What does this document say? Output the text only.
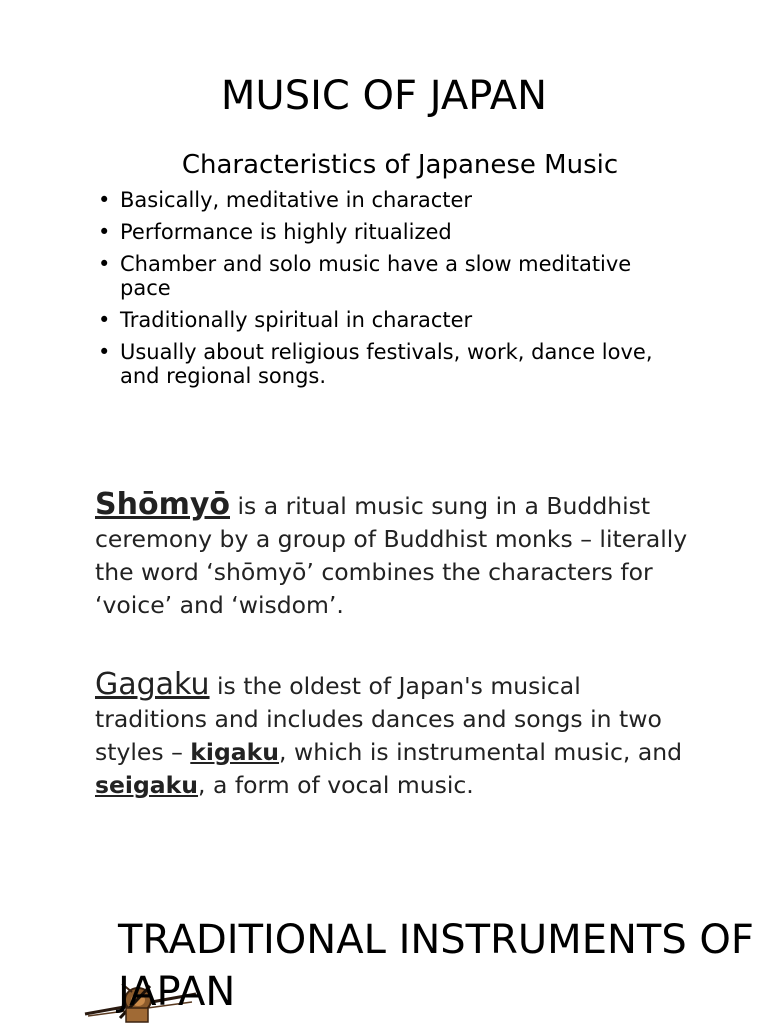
MUSIC OF JAPAN
Characteristics of Japanese Music
• Basically, meditative in character
• Performance is highly ritualized
• Chamber and solo music have a slow meditative pace
• Traditionally spiritual in character
• Usually about religious festivals, work, dance love, and regional songs.

Shōmyō is a ritual music sung in a Buddhist ceremony by a group of Buddhist monks – literally the word ‘shōmyō’ combines the characters for ‘voice’ and ‘wisdom’.

Gagaku is the oldest of Japan's musical traditions and includes dances and songs in two styles – kigaku, which is instrumental music, and seigaku, a form of vocal music.

TRADITIONAL INSTRUMENTS OF JAPAN
